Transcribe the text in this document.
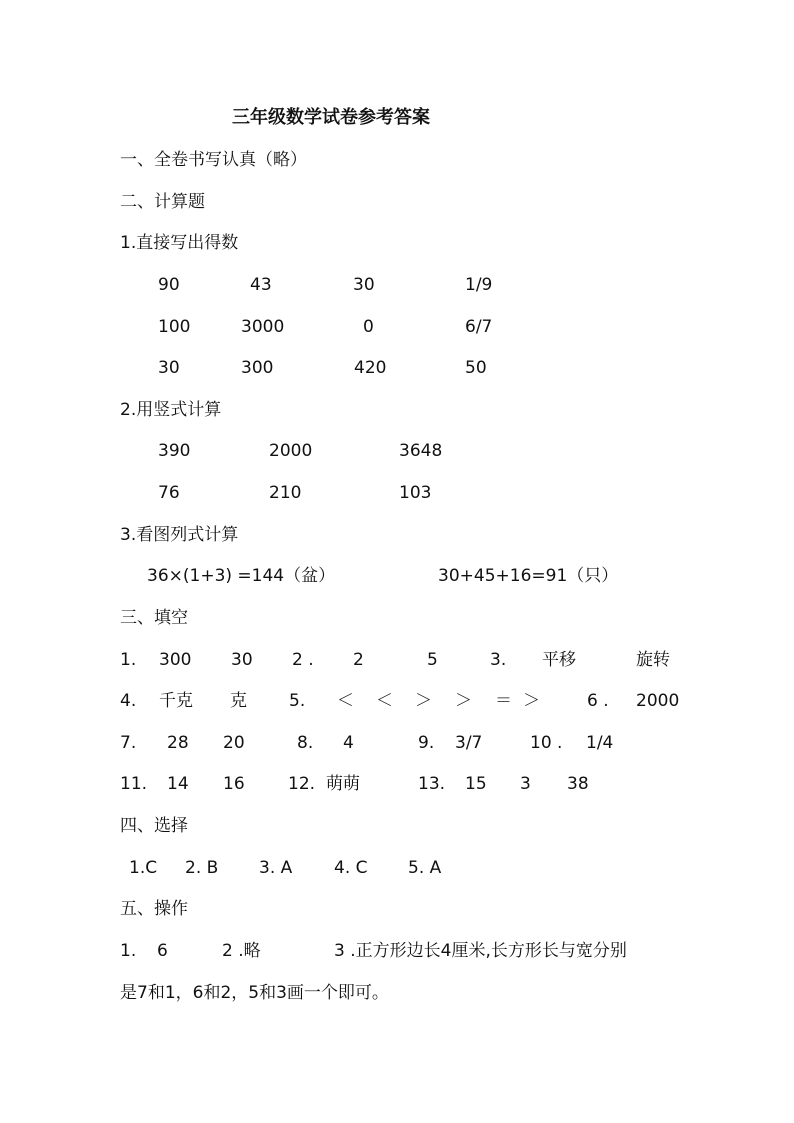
三年级数学试卷参考答案
一、全卷书写认真（略）
二、计算题
1.直接写出得数
90	43	30	1/9
100	3000	0	6/7
30	300	420	50
2.用竖式计算
390	2000	3648
76	210	103
3.看图列式计算
36×(1+3) =144（盆）	30+45+16=91（只）
三、填空
1. 300 30 2 . 2	5	3. 平移	旋转
4. 千克 克 5. ＜ ＜ ＞ ＞ ＝ ＞	6 . 2000
7. 28 20	8. 4	9. 3/7	10 . 1/4
11. 14 16	12. 萌萌	13. 15 3 38
四、选择
1.C 2. B 3. A 4. C 5. A
五、操作
1. 6	2 .略	3 .正方形边长4厘米,长方形长与宽分别
是7和1，6和2，5和3画一个即可。
